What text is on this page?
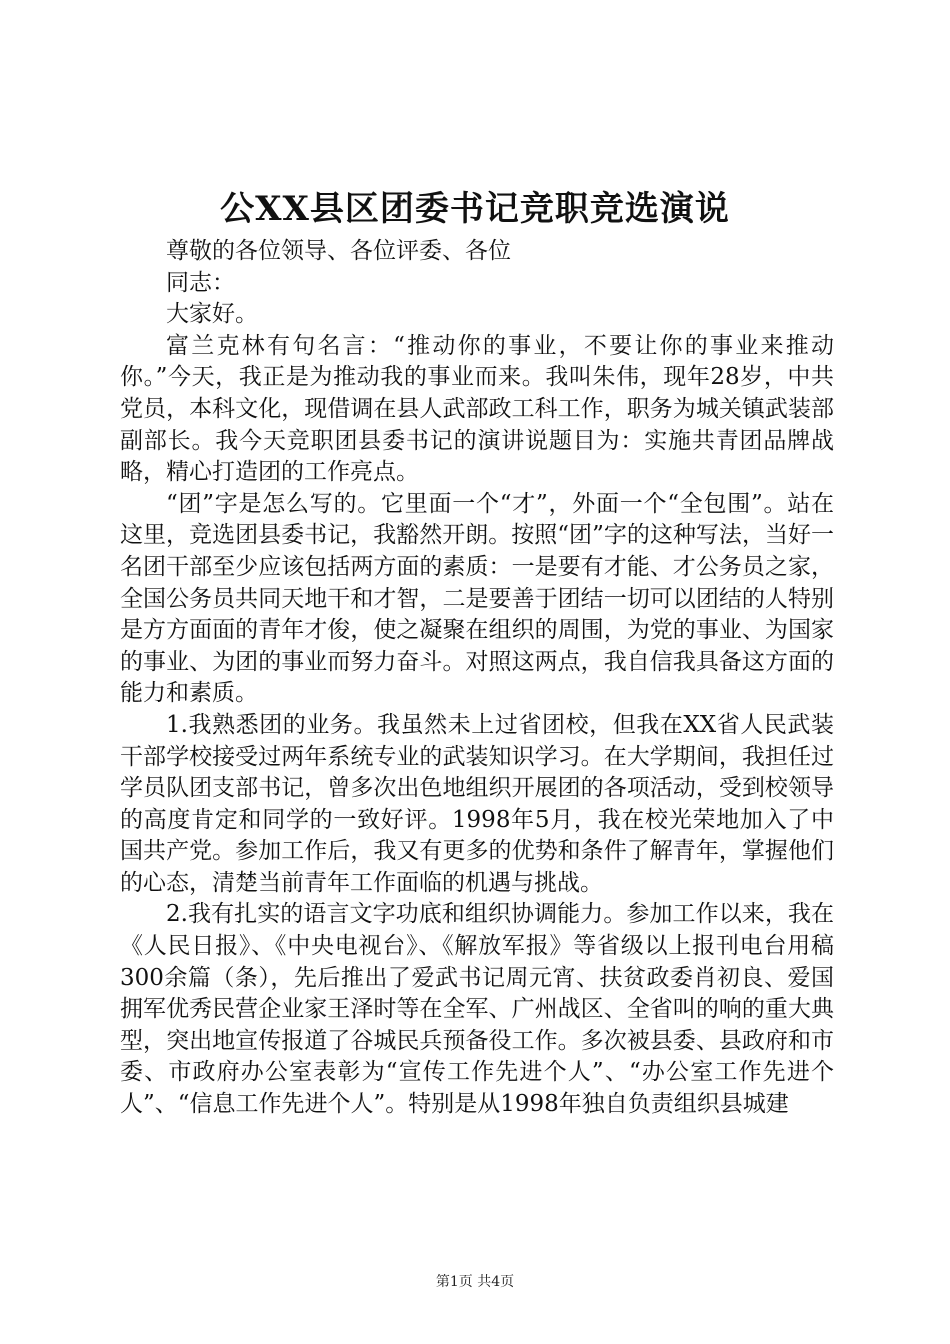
公XX县区团委书记竞职竞选演说

尊敬的各位领导、各位评委、各位

同志：

大家好。

富兰克林有句名言：“推动你的事业，不要让你的事业来推动你。”今天，我正是为推动我的事业而来。我叫朱伟，现年28岁，中共党员，本科文化，现借调在县人武部政工科工作，职务为城关镇武装部副部长。我今天竞职团县委书记的演讲说题目为：实施共青团品牌战略，精心打造团的工作亮点。

“团”字是怎么写的。它里面一个“才”，外面一个“全包围”。站在这里，竞选团县委书记，我豁然开朗。按照“团”字的这种写法，当好一名团干部至少应该包括两方面的素质：一是要有才能、才公务员之家，全国公务员共同天地干和才智，二是要善于团结一切可以团结的人特别是方方面面的青年才俊，使之凝聚在组织的周围，为党的事业、为国家的事业、为团的事业而努力奋斗。对照这两点，我自信我具备这方面的能力和素质。

1.我熟悉团的业务。我虽然未上过省团校，但我在XX省人民武装干部学校接受过两年系统专业的武装知识学习。在大学期间，我担任过学员队团支部书记，曾多次出色地组织开展团的各项活动，受到校领导的高度肯定和同学的一致好评。1998年5月，我在校光荣地加入了中国共产党。参加工作后，我又有更多的优势和条件了解青年，掌握他们的心态，清楚当前青年工作面临的机遇与挑战。

2.我有扎实的语言文字功底和组织协调能力。参加工作以来，我在《人民日报》、《中央电视台》、《解放军报》等省级以上报刊电台用稿300余篇（条），先后推出了爱武书记周元宵、扶贫政委肖初良、爱国拥军优秀民营企业家王泽时等在全军、广州战区、全省叫的响的重大典型，突出地宣传报道了谷城民兵预备役工作。多次被县委、县政府和市委、市政府办公室表彰为“宣传工作先进个人”、“办公室工作先进个人”、“信息工作先进个人”。特别是从1998年独自负责组织县城建

第1页 共4页
